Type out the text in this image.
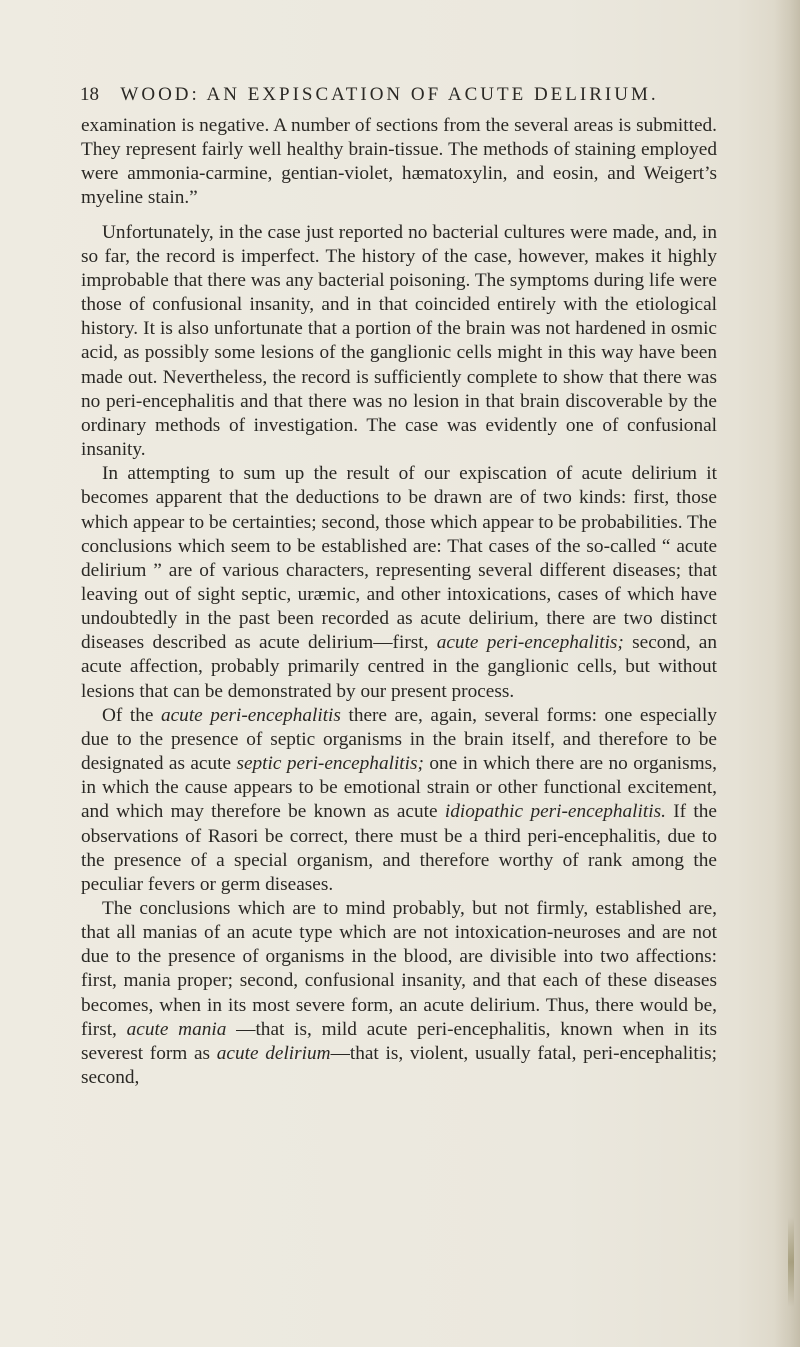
18 WOOD: AN EXPISCATION OF ACUTE DELIRIUM.

examination is negative. A number of sections from the several areas is submitted. They represent fairly well healthy brain-tissue. The methods of staining employed were ammonia-carmine, gentian-violet, hæmatoxylin, and eosin, and Weigert’s myeline stain.”

Unfortunately, in the case just reported no bacterial cultures were made, and, in so far, the record is imperfect. The history of the case, however, makes it highly improbable that there was any bacterial poisoning. The symptoms during life were those of confusional insanity, and in that coincided entirely with the etiological history. It is also unfortunate that a portion of the brain was not hardened in osmic acid, as possibly some lesions of the ganglionic cells might in this way have been made out. Nevertheless, the record is sufficiently complete to show that there was no peri-encephalitis and that there was no lesion in that brain discoverable by the ordinary methods of investigation. The case was evidently one of confusional insanity.

In attempting to sum up the result of our expiscation of acute delirium it becomes apparent that the deductions to be drawn are of two kinds: first, those which appear to be certainties; second, those which appear to be probabilities. The conclusions which seem to be established are: That cases of the so-called “ acute delirium ” are of various characters, representing several different diseases; that leaving out of sight septic, uræmic, and other intoxications, cases of which have undoubtedly in the past been recorded as acute delirium, there are two distinct diseases described as acute delirium—first, acute peri-encephalitis; second, an acute affection, probably primarily centred in the ganglionic cells, but without lesions that can be demonstrated by our present process.

Of the acute peri-encephalitis there are, again, several forms: one especially due to the presence of septic organisms in the brain itself, and therefore to be designated as acute septic peri-encephalitis; one in which there are no organisms, in which the cause appears to be emotional strain or other functional excitement, and which may therefore be known as acute idiopathic peri-encephalitis. If the observations of Rasori be correct, there must be a third peri-encephalitis, due to the presence of a special organism, and therefore worthy of rank among the peculiar fevers or germ diseases.

The conclusions which are to mind probably, but not firmly, established are, that all manias of an acute type which are not intoxication-neuroses and are not due to the presence of organisms in the blood, are divisible into two affections: first, mania proper; second, confusional insanity, and that each of these diseases becomes, when in its most severe form, an acute delirium. Thus, there would be, first, acute mania —that is, mild acute peri-encephalitis, known when in its severest form as acute delirium—that is, violent, usually fatal, peri-encephalitis; second,
